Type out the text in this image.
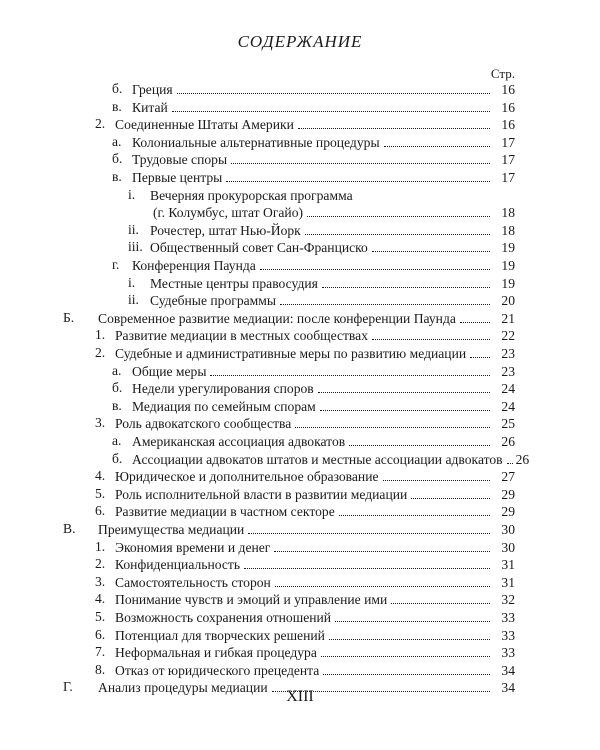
СОДЕРЖАНИЕ
Стр.
б. Греция	16
в. Китай	16
2. Соединенные Штаты Америки	16
а. Колониальные альтернативные процедуры	17
б. Трудовые споры	17
в. Первые центры	17
i. Вечерняя прокурорская программа
(г. Колумбус, штат Огайо)	18
ii. Рочестер, штат Нью-Йорк	18
iii. Общественный совет Сан-Франциско	19
г. Конференция Паунда	19
i. Местные центры правосудия	19
ii. Судебные программы	20
Б. Современное развитие медиации: после конференции Паунда	21
1. Развитие медиации в местных сообществах	22
2. Судебные и административные меры по развитию медиации	23
а. Общие меры	23
б. Недели урегулирования споров	24
в. Медиация по семейным спорам	24
3. Роль адвокатского сообщества	25
а. Американская ассоциация адвокатов	26
б. Ассоциации адвокатов штатов и местные ассоциации адвокатов 26
4. Юридическое и дополнительное образование	27
5. Роль исполнительной власти в развитии медиации	29
6. Развитие медиации в частном секторе	29
В. Преимущества медиации	30
1. Экономия времени и денег	30
2. Конфиденциальность	31
3. Самостоятельность сторон	31
4. Понимание чувств и эмоций и управление ими	32
5. Возможность сохранения отношений	33
6. Потенциал для творческих решений	33
7. Неформальная и гибкая процедура	33
8. Отказ от юридического прецедента	34
Г. Анализ процедуры медиации	34
XIII
